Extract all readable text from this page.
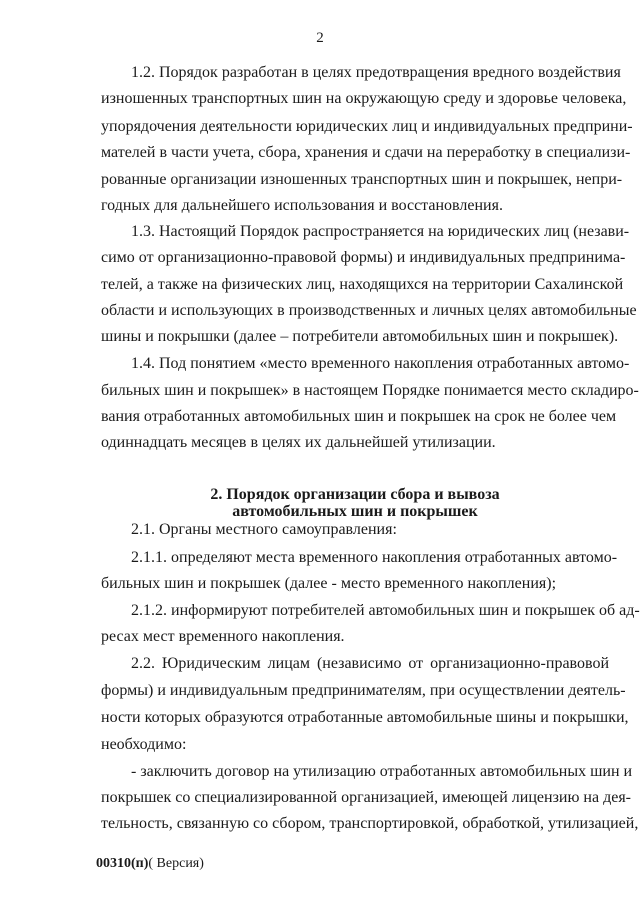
2
1.2. Порядок разработан в целях предотвращения вредного воздействия
изношенных транспортных шин на окружающую среду и здоровье человека,
упорядочения деятельности юридических лиц и индивидуальных предприни-
мателей в части учета, сбора, хранения и сдачи на переработку в специализи-
рованные организации изношенных транспортных шин и покрышек, непри-
годных для дальнейшего использования и восстановления.
1.3. Настоящий Порядок распространяется на юридических лиц (незави-
симо от организационно-правовой формы) и индивидуальных предпринима-
телей, а также на физических лиц, находящихся на территории Сахалинской
области и использующих в производственных и личных целях автомобильные
шины и покрышки (далее – потребители автомобильных шин и покрышек).
1.4. Под понятием «место временного накопления отработанных автомо-
бильных шин и покрышек» в настоящем Порядке понимается место складиро-
вания отработанных автомобильных шин и покрышек на срок не более чем
одиннадцать месяцев в целях их дальнейшей утилизации.
2. Порядок организации сбора и вывоза
автомобильных шин и покрышек
2.1. Органы местного самоуправления:
2.1.1. определяют места временного накопления отработанных автомо-
бильных шин и покрышек (далее - место временного накопления);
2.1.2. информируют потребителей автомобильных шин и покрышек об ад-
ресах мест временного накопления.
2.2. Юридическим лицам (независимо от организационно-правовой
формы) и индивидуальным предпринимателям, при осуществлении деятель-
ности которых образуются отработанные автомобильные шины и покрышки,
необходимо:
- заключить договор на утилизацию отработанных автомобильных шин и
покрышек со специализированной организацией, имеющей лицензию на дея-
тельность, связанную со сбором, транспортировкой, обработкой, утилизацией,
00310(п)( Версия)
